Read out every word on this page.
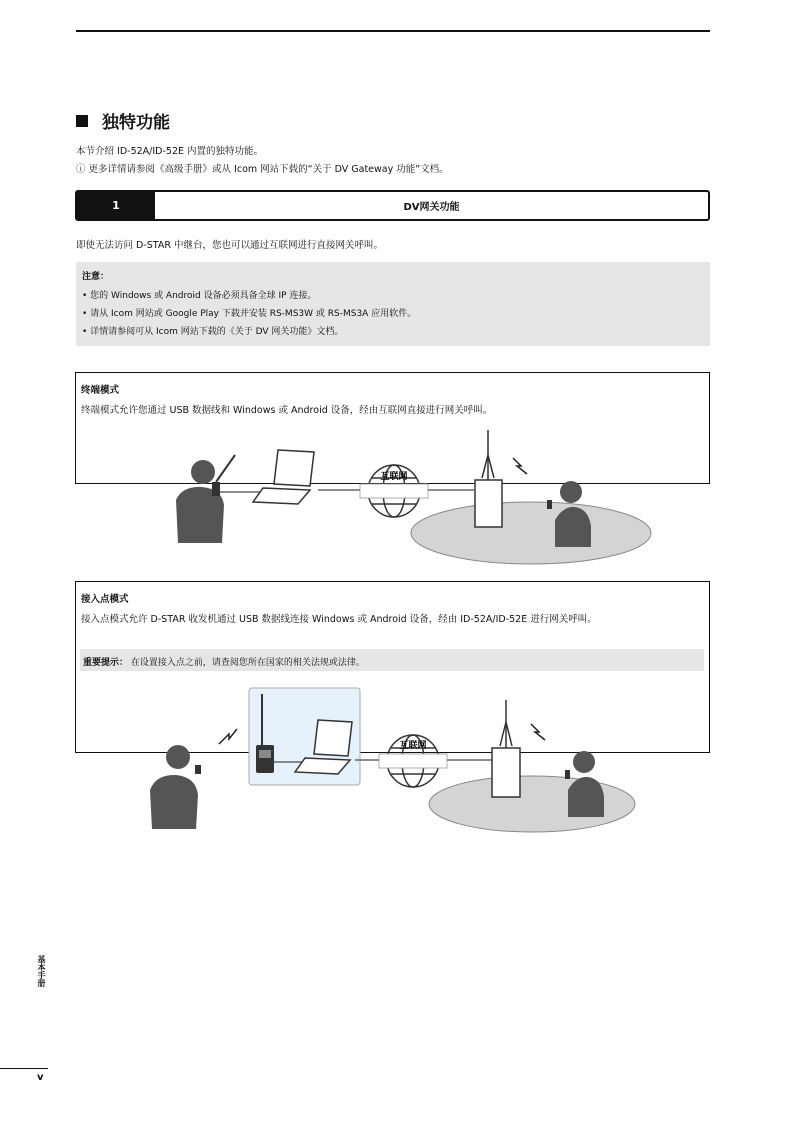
独特功能
本节介绍 ID-52A/ID-52E 内置的独特功能。
ⓘ 更多详情请参阅《高级手册》或从 Icom 网站下载的“关于 DV Gateway 功能”文档。
1	DV网关功能
即使无法访问 D-STAR 中继台，您也可以通过互联网进行直接网关呼叫。
注意：
• 您的 Windows 或 Android 设备必须具备全球 IP 连接。
• 请从 Icom 网站或 Google Play 下载并安装 RS-MS3W 或 RS-MS3A 应用软件。
• 详情请参阅可从 Icom 网站下载的《关于 DV 网关功能》文档。
终端模式
终端模式允许您通过 USB 数据线和 Windows 或 Android 设备，经由互联网直接进行网关呼叫。
接入点模式
接入点模式允许 D-STAR 收发机通过 USB 数据线连接 Windows 或 Android 设备，经由 ID-52A/ID-52E 进行网关呼叫。
重要提示： 在设置接入点之前，请查阅您所在国家的相关法规或法律。
互联网
互联网
基本手册
v
